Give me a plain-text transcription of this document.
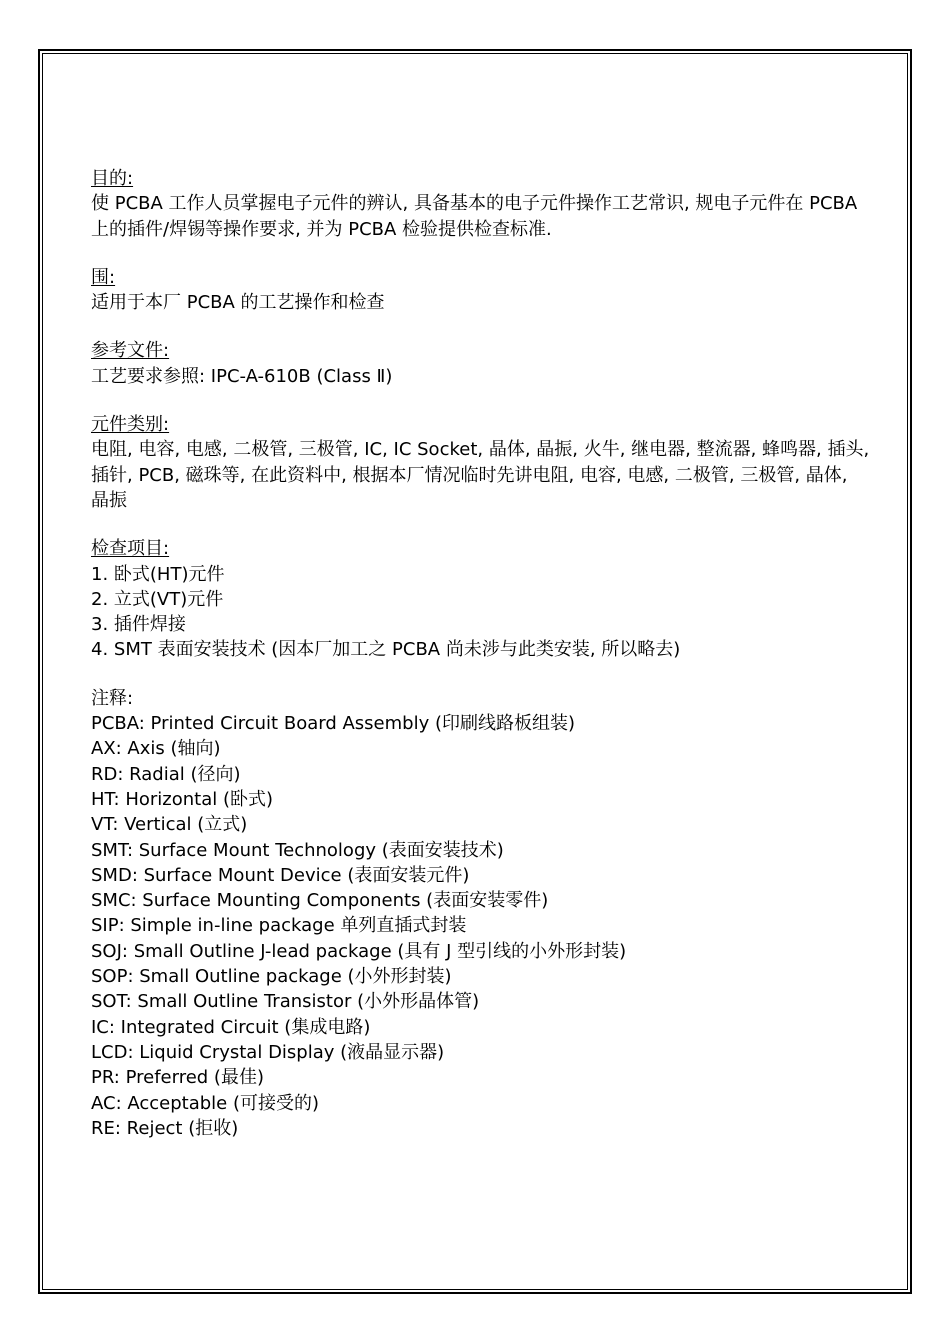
目的:
使 PCBA 工作人员掌握电子元件的辨认, 具备基本的电子元件操作工艺常识, 规电子元件在 PCBA 上的插件/焊锡等操作要求, 并为 PCBA 检验提供检查标准.
围:
适用于本厂 PCBA 的工艺操作和检查
参考文件:
工艺要求参照: IPC-A-610B (Class Ⅱ)
元件类别:
电阻, 电容, 电感, 二极管, 三极管, IC, IC Socket, 晶体, 晶振, 火牛, 继电器, 整流器, 蜂鸣器, 插头, 插针, PCB, 磁珠等, 在此资料中, 根据本厂情况临时先讲电阻, 电容, 电感, 二极管, 三极管, 晶体, 晶振
检查项目:
1. 卧式(HT)元件
2. 立式(VT)元件
3. 插件焊接
4. SMT 表面安装技术 (因本厂加工之 PCBA 尚未涉与此类安装, 所以略去)
注释:
PCBA: Printed Circuit Board Assembly (印刷线路板组装)
AX: Axis (轴向)
RD: Radial (径向)
HT: Horizontal (卧式)
VT: Vertical (立式)
SMT: Surface Mount Technology (表面安装技术)
SMD: Surface Mount Device (表面安装元件)
SMC: Surface Mounting Components (表面安装零件)
SIP: Simple in-line package 单列直插式封装
SOJ: Small Outline J-lead package (具有 J 型引线的小外形封装)
SOP: Small Outline package (小外形封装)
SOT: Small Outline Transistor (小外形晶体管)
IC: Integrated Circuit (集成电路)
LCD: Liquid Crystal Display (液晶显示器)
PR: Preferred (最佳)
AC: Acceptable (可接受的)
RE: Reject (拒收)
